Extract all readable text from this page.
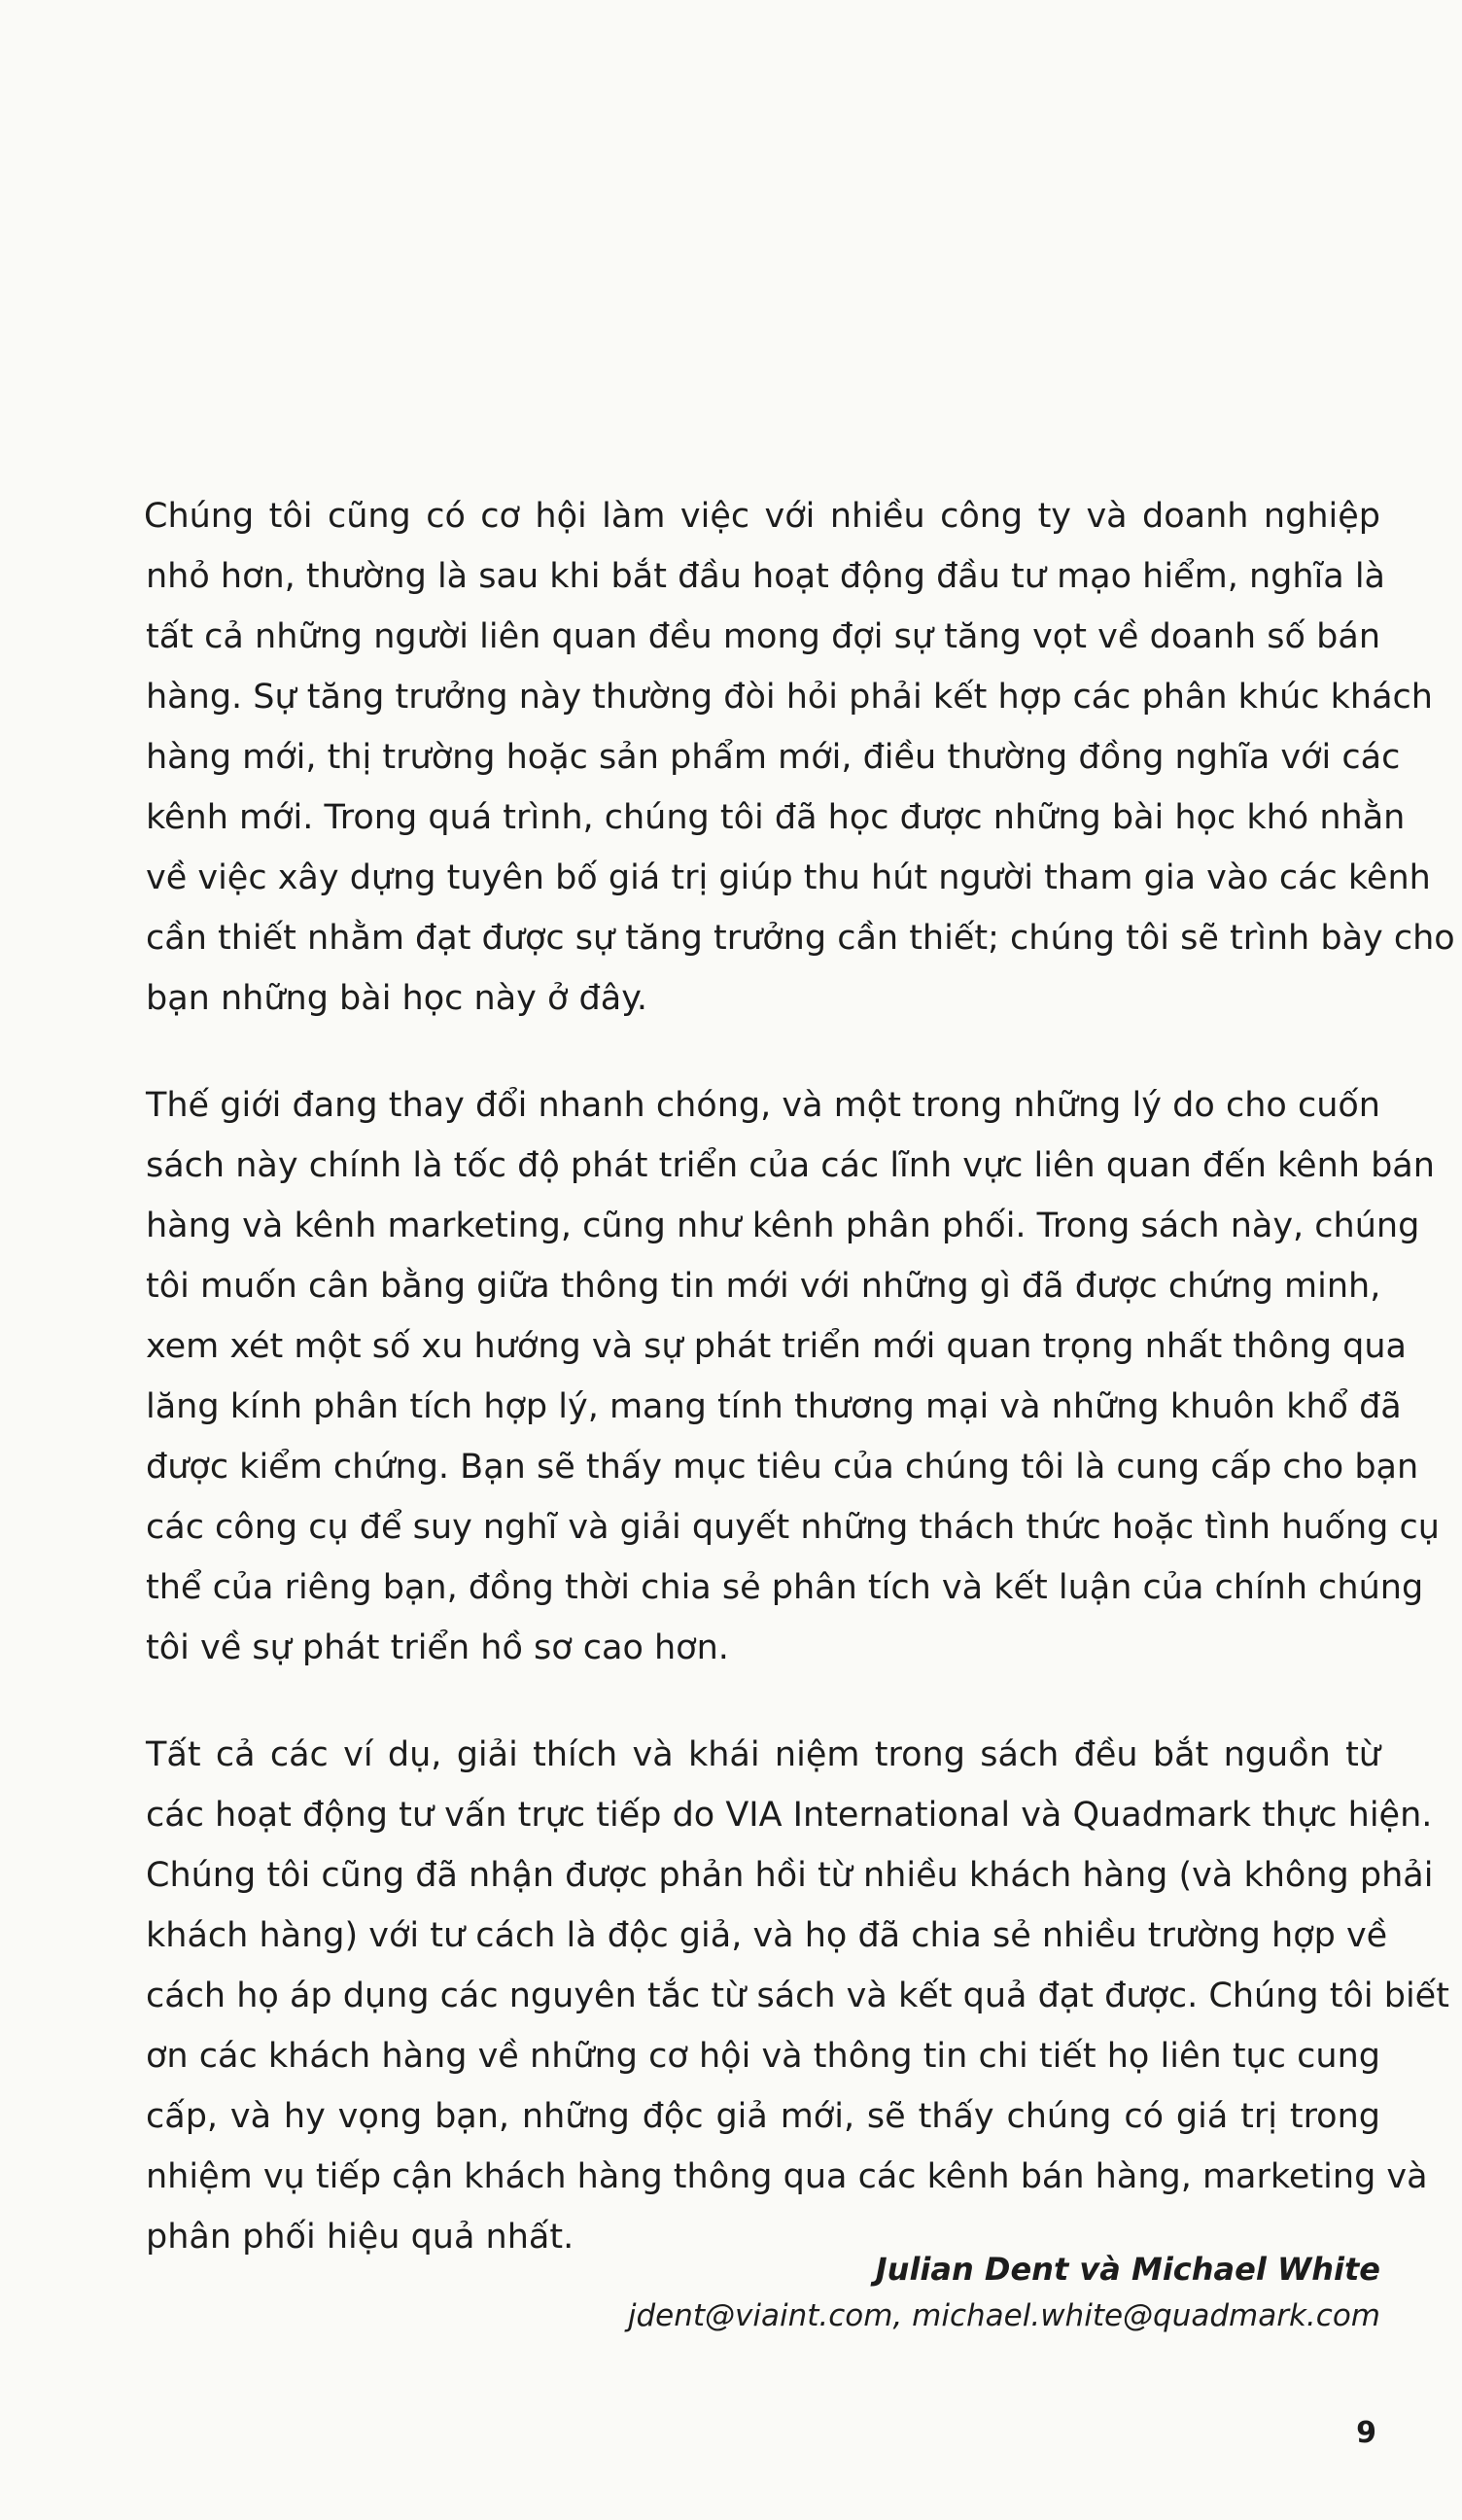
Chúng tôi cũng có cơ hội làm việc với nhiều công ty và doanh nghiệp
nhỏ hơn, thường là sau khi bắt đầu hoạt động đầu tư mạo hiểm, nghĩa là
tất cả những người liên quan đều mong đợi sự tăng vọt về doanh số bán
hàng. Sự tăng trưởng này thường đòi hỏi phải kết hợp các phân khúc khách
hàng mới, thị trường hoặc sản phẩm mới, điều thường đồng nghĩa với các
kênh mới. Trong quá trình, chúng tôi đã học được những bài học khó nhằn
về việc xây dựng tuyên bố giá trị giúp thu hút người tham gia vào các kênh
cần thiết nhằm đạt được sự tăng trưởng cần thiết; chúng tôi sẽ trình bày cho
bạn những bài học này ở đây.

Thế giới đang thay đổi nhanh chóng, và một trong những lý do cho cuốn
sách này chính là tốc độ phát triển của các lĩnh vực liên quan đến kênh bán
hàng và kênh marketing, cũng như kênh phân phối. Trong sách này, chúng
tôi muốn cân bằng giữa thông tin mới với những gì đã được chứng minh,
xem xét một số xu hướng và sự phát triển mới quan trọng nhất thông qua
lăng kính phân tích hợp lý, mang tính thương mại và những khuôn khổ đã
được kiểm chứng. Bạn sẽ thấy mục tiêu của chúng tôi là cung cấp cho bạn
các công cụ để suy nghĩ và giải quyết những thách thức hoặc tình huống cụ
thể của riêng bạn, đồng thời chia sẻ phân tích và kết luận của chính chúng
tôi về sự phát triển hồ sơ cao hơn.

Tất cả các ví dụ, giải thích và khái niệm trong sách đều bắt nguồn từ
các hoạt động tư vấn trực tiếp do VIA International và Quadmark thực hiện.
Chúng tôi cũng đã nhận được phản hồi từ nhiều khách hàng (và không phải
khách hàng) với tư cách là độc giả, và họ đã chia sẻ nhiều trường hợp về
cách họ áp dụng các nguyên tắc từ sách và kết quả đạt được. Chúng tôi biết
ơn các khách hàng về những cơ hội và thông tin chi tiết họ liên tục cung
cấp, và hy vọng bạn, những độc giả mới, sẽ thấy chúng có giá trị trong
nhiệm vụ tiếp cận khách hàng thông qua các kênh bán hàng, marketing và
phân phối hiệu quả nhất.

Julian Dent và Michael White
jdent@viaint.com, michael.white@quadmark.com
9
